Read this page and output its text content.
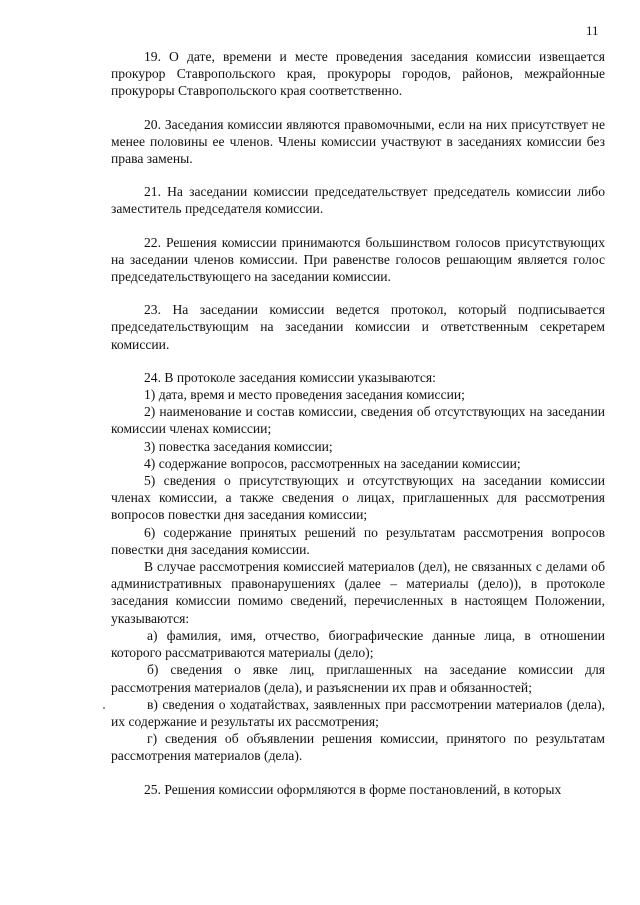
11

19. О дате, времени и месте проведения заседания комиссии извещается прокурор Ставропольского края, прокуроры городов, районов, межрайонные прокуроры Ставропольского края соответственно.

20. Заседания комиссии являются правомочными, если на них присутствует не менее половины ее членов. Члены комиссии участвуют в заседаниях комиссии без права замены.

21. На заседании комиссии председательствует председатель комиссии либо заместитель председателя комиссии.

22. Решения комиссии принимаются большинством голосов присутствующих на заседании членов комиссии. При равенстве голосов решающим является голос председательствующего на заседании комиссии.

23. На заседании комиссии ведется протокол, который подписывается председательствующим на заседании комиссии и ответственным секретарем комиссии.

24. В протоколе заседания комиссии указываются:

1) дата, время и место проведения заседания комиссии;

2) наименование и состав комиссии, сведения об отсутствующих на заседании комиссии членах комиссии;

3) повестка заседания комиссии;

4) содержание вопросов, рассмотренных на заседании комиссии;

5) сведения о присутствующих и отсутствующих на заседании комиссии членах комиссии, а также сведения о лицах, приглашенных для рассмотрения вопросов повестки дня заседания комиссии;

6) содержание принятых решений по результатам рассмотрения вопросов повестки дня заседания комиссии.

В случае рассмотрения комиссией материалов (дел), не связанных с делами об административных правонарушениях (далее – материалы (дело)), в протоколе заседания комиссии помимо сведений, перечисленных в настоящем Положении, указываются:

а) фамилия, имя, отчество, биографические данные лица, в отношении которого рассматриваются материалы (дело);

б) сведения о явке лиц, приглашенных на заседание комиссии для рассмотрения материалов (дела), и разъяснении их прав и обязанностей;

в) сведения о ходатайствах, заявленных при рассмотрении материалов (дела), их содержание и результаты их рассмотрения;

г) сведения об объявлении решения комиссии, принятого по результатам рассмотрения материалов (дела).

25. Решения комиссии оформляются в форме постановлений, в которых
